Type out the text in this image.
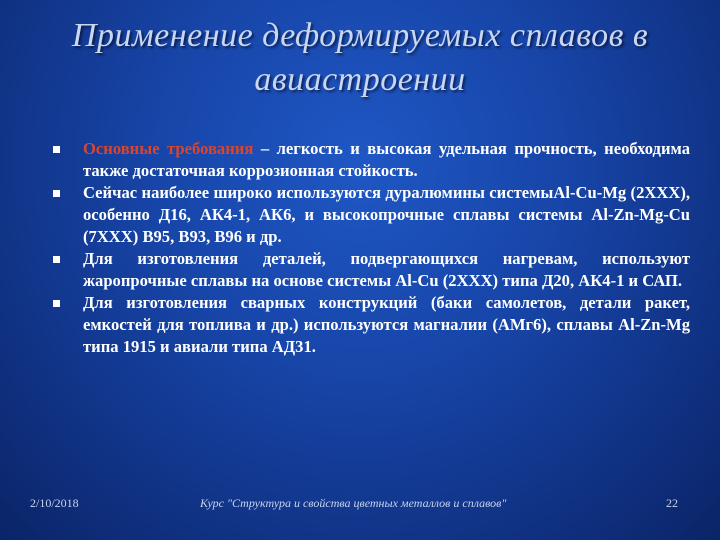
Применение деформируемых сплавов в
авиастроении
Основные требования – легкость и высокая удельная прочность, необходима также достаточная коррозионная стойкость.
Сейчас наиболее широко используются дуралюмины системыAl-Cu-Mg (2XXX), особенно Д16, АК4-1, АК6, и высокопрочные сплавы системы Al-Zn-Mg-Cu (7XXX) В95, В93, В96 и др.
Для изготовления деталей, подвергающихся нагревам, используют жаропрочные сплавы на основе системы Al-Cu (2XXX) типа Д20, АК4-1 и САП.
Для изготовления сварных конструкций (баки самолетов, детали ракет, емкостей для топлива и др.) используются магналии (АМг6), сплавы Al-Zn-Mg типа 1915 и авиали типа АД31.
2/10/2018	Курс "Структура и свойства цветных металлов и сплавов"	22
